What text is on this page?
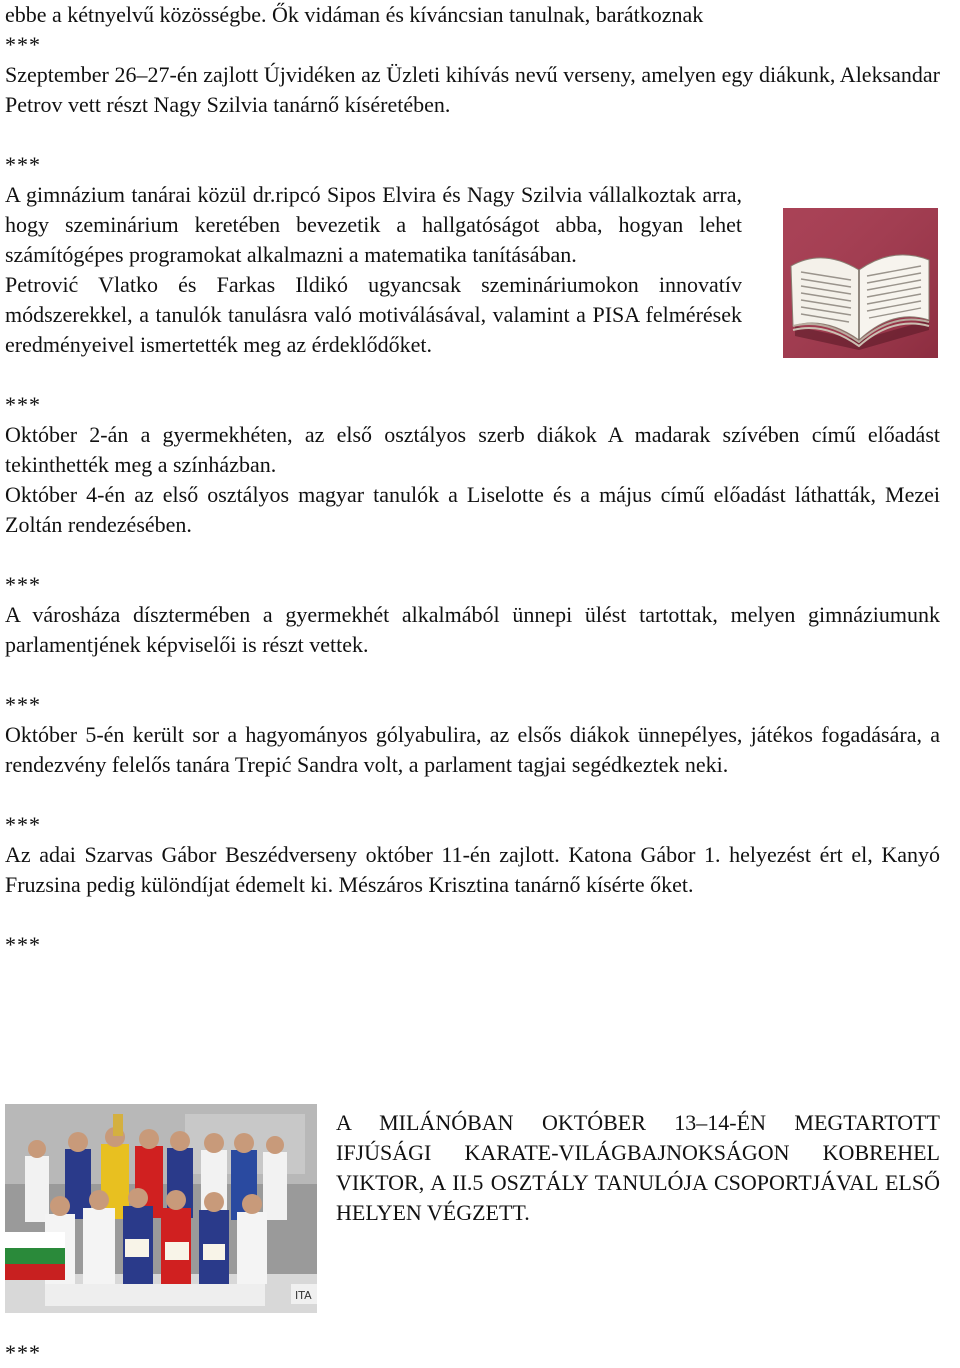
ebbe a kétnyelvű közösségbe. Ők vidáman és kíváncsian tanulnak, barátkoznak

***

Szeptember 26–27-én zajlott Újvidéken az Üzleti kihívás nevű verseny, amelyen egy diákunk, Aleksandar Petrov vett részt Nagy Szilvia tanárnő kíséretében.

***

A gimnázium tanárai közül dr.ripcó Sipos Elvira és Nagy Szilvia vállalkoztak arra, hogy szeminárium keretében bevezetik a hallgatóságot abba, hogyan lehet számítógépes programokat alkalmazni a matematika tanításában.

Petrović Vlatko és Farkas Ildikó ugyancsak szemináriumokon innovatív módszerekkel, a tanulók tanulásra való motiválásával, valamint a PISA felmérések eredményeivel ismertették meg az érdeklődőket.

***

Október 2-án a gyermekhéten, az első osztályos szerb diákok A madarak szívében című előadást tekinthették meg a színházban.

Október 4-én az első osztályos magyar tanulók a Liselotte és a május című előadást láthatták, Mezei Zoltán rendezésében.

***

A városháza dísztermében a gyermekhét alkalmából ünnepi ülést tartottak, melyen gimnáziumunk parlamentjének képviselői is részt vettek.

***

Október 5-én került sor a hagyományos gólyabulira, az elsős diákok ünnepélyes, játékos fogadására, a rendezvény felelős tanára Trepić Sandra volt, a parlament tagjai segédkeztek neki.

***

Az adai Szarvas Gábor Beszédverseny október 11-én zajlott. Katona Gábor 1. helyezést ért el, Kanyó Fruzsina pedig különdíjat édemelt ki. Mészáros Krisztina tanárnő kísérte őket.

***

ITA

A MILÁNÓBAN OKTÓBER 13–14-ÉN MEGTARTOTT IFJÚSÁGI KARATE-VILÁGBAJNOKSÁGON KOBREHEL VIKTOR, A II.5 OSZTÁLY TANULÓJA CSOPORTJÁVAL ELSŐ HELYEN VÉGZETT.

***
